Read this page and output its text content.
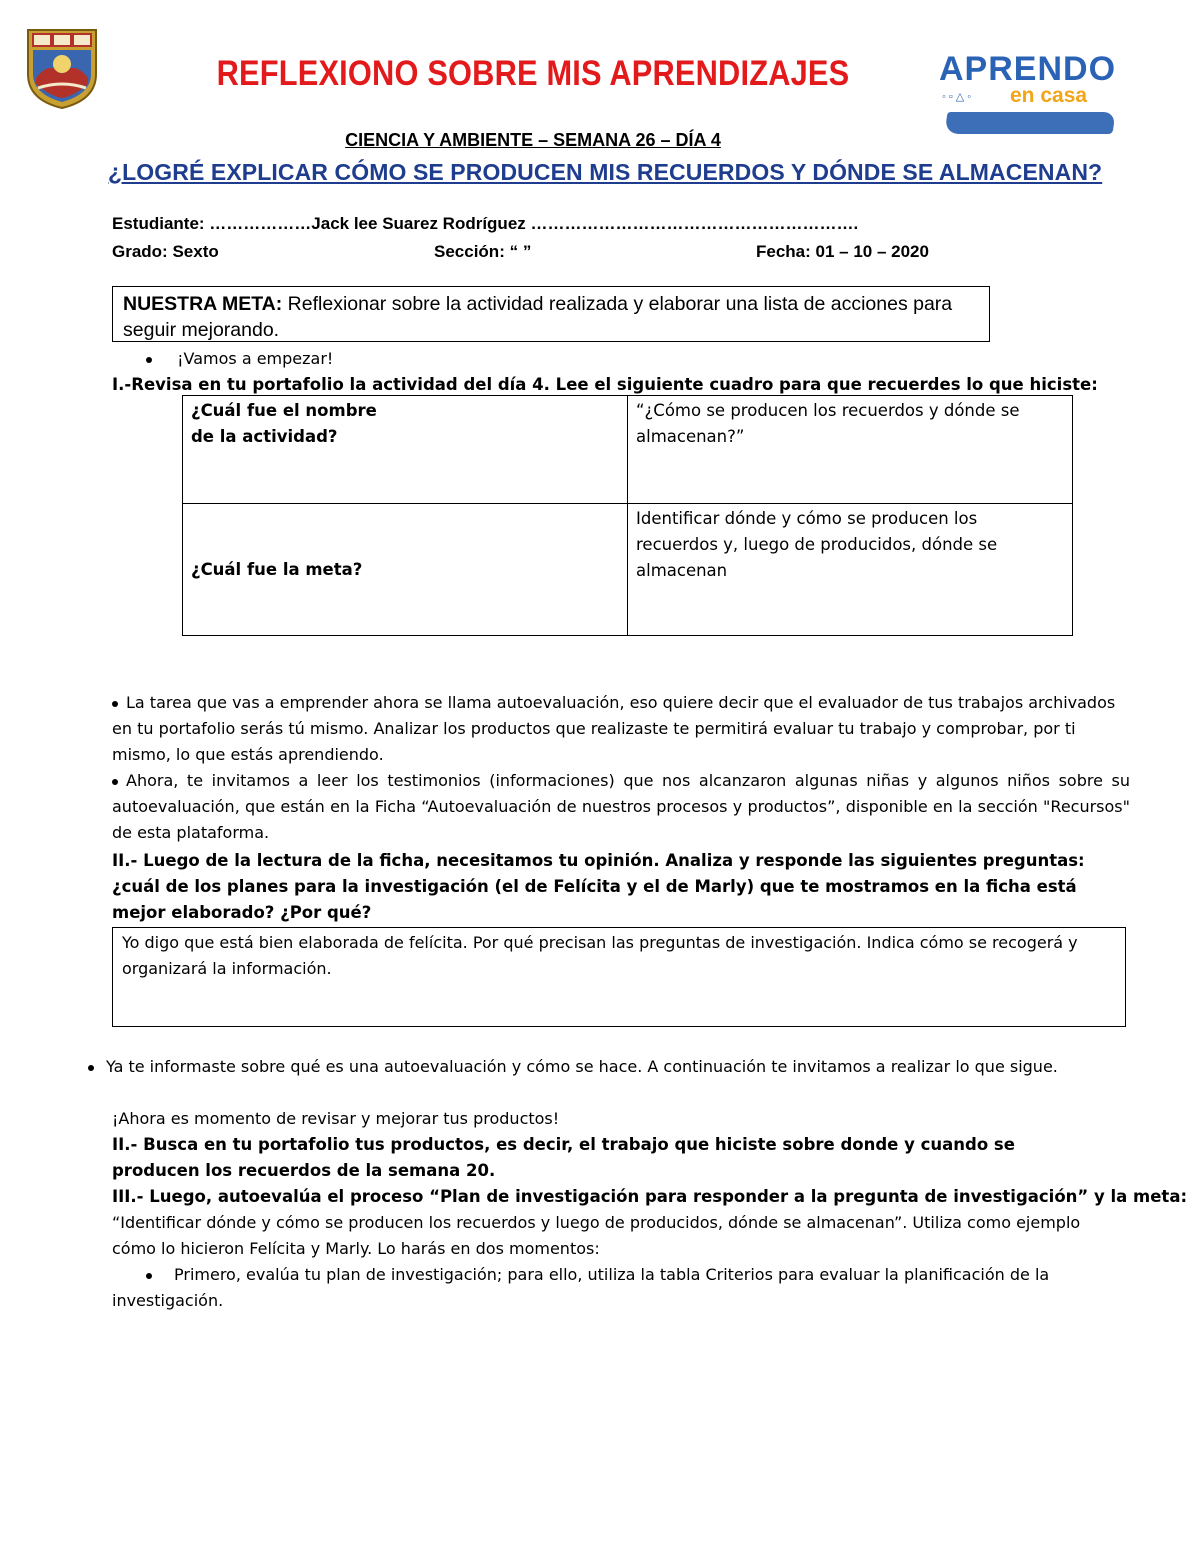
REFLEXIONO SOBRE MIS APRENDIZAJES	APRENDO
◦▫△◦ en casa
CIENCIA Y AMBIENTE – SEMANA 26 – DÍA 4
¿LOGRÉ EXPLICAR CÓMO SE PRODUCEN MIS RECUERDOS Y DÓNDE SE ALMACENAN?
Estudiante: ………………Jack lee Suarez Rodríguez ………………………………………………….
Grado: Sexto	Sección: “ ”	Fecha: 01 – 10 – 2020

NUESTRA META: Reflexionar sobre la actividad realizada y elaborar una lista de acciones para seguir mejorando.

¡Vamos a empezar!
I.-Revisa en tu portafolio la actividad del día 4. Lee el siguiente cuadro para que recuerdes lo que hiciste:
¿Cuál fue el nombre de la actividad?	“¿Cómo se producen los recuerdos y dónde se almacenan?”
¿Cuál fue la meta?	Identificar dónde y cómo se producen los recuerdos y, luego de producidos, dónde se almacenan
La tarea que vas a emprender ahora se llama autoevaluación, eso quiere decir que el evaluador de tus trabajos archivados en tu portafolio serás tú mismo. Analizar los productos que realizaste te permitirá evaluar tu trabajo y comprobar, por ti mismo, lo que estás aprendiendo.
Ahora, te invitamos a leer los testimonios (informaciones) que nos alcanzaron algunas niñas y algunos niños sobre su autoevaluación, que están en la Ficha “Autoevaluación de nuestros procesos y productos”, disponible en la sección "Recursos" de esta plataforma.
II.- Luego de la lectura de la ficha, necesitamos tu opinión. Analiza y responde las siguientes preguntas: ¿cuál de los planes para la investigación (el de Felícita y el de Marly) que te mostramos en la ficha está mejor elaborado? ¿Por qué?

Yo digo que está bien elaborada de felícita. Por qué precisan las preguntas de investigación. Indica cómo se recogerá y organizará la información.

Ya te informaste sobre qué es una autoevaluación y cómo se hace. A continuación te invitamos a realizar lo que sigue.
¡Ahora es momento de revisar y mejorar tus productos!
II.- Busca en tu portafolio tus productos, es decir, el trabajo que hiciste sobre donde y cuando se producen los recuerdos de la semana 20.
III.- Luego, autoevalúa el proceso “Plan de investigación para responder a la pregunta de investigación” y la meta:
“Identificar dónde y cómo se producen los recuerdos y luego de producidos, dónde se almacenan”. Utiliza como ejemplo cómo lo hicieron Felícita y Marly. Lo harás en dos momentos:
Primero, evalúa tu plan de investigación; para ello, utiliza la tabla Criterios para evaluar la planificación de la investigación.
